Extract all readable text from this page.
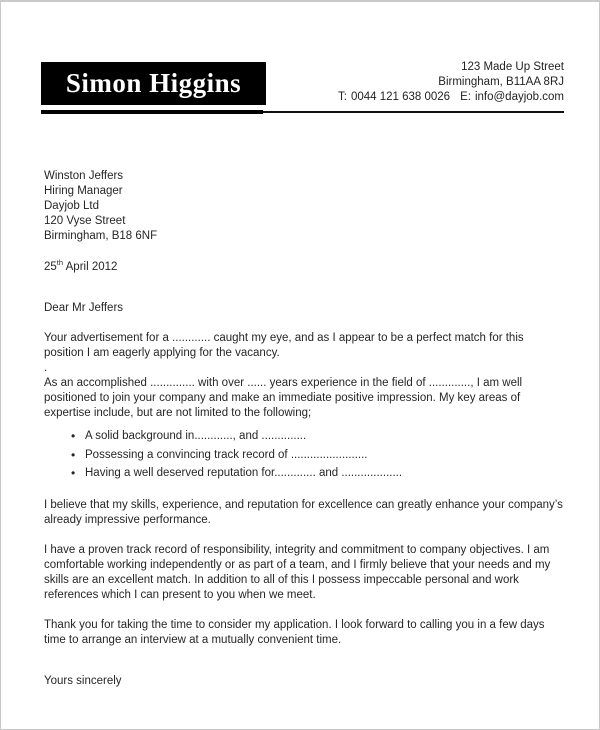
Simon Higgins
123 Made Up Street
Birmingham, B11AA 8RJ
T: 0044 121 638 0026 E: info@dayjob.com
Winston Jeffers
Hiring Manager
Dayjob Ltd
120 Vyse Street
Birmingham, B18 6NF
25th April 2012
Dear Mr Jeffers
Your advertisement for a ............ caught my eye, and as I appear to be a perfect match for this position I am eagerly applying for the vacancy.
.
As an accomplished .............. with over ...... years experience in the field of ............., I am well positioned to join your company and make an immediate positive impression. My key areas of expertise include, but are not limited to the following;
• A solid background in............, and ..............
• Possessing a convincing track record of ........................
• Having a well deserved reputation for............. and ...................
I believe that my skills, experience, and reputation for excellence can greatly enhance your company’s already impressive performance.
I have a proven track record of responsibility, integrity and commitment to company objectives. I am comfortable working independently or as part of a team, and I firmly believe that your needs and my skills are an excellent match. In addition to all of this I possess impeccable personal and work references which I can present to you when we meet.
Thank you for taking the time to consider my application. I look forward to calling you in a few days time to arrange an interview at a mutually convenient time.
Yours sincerely
